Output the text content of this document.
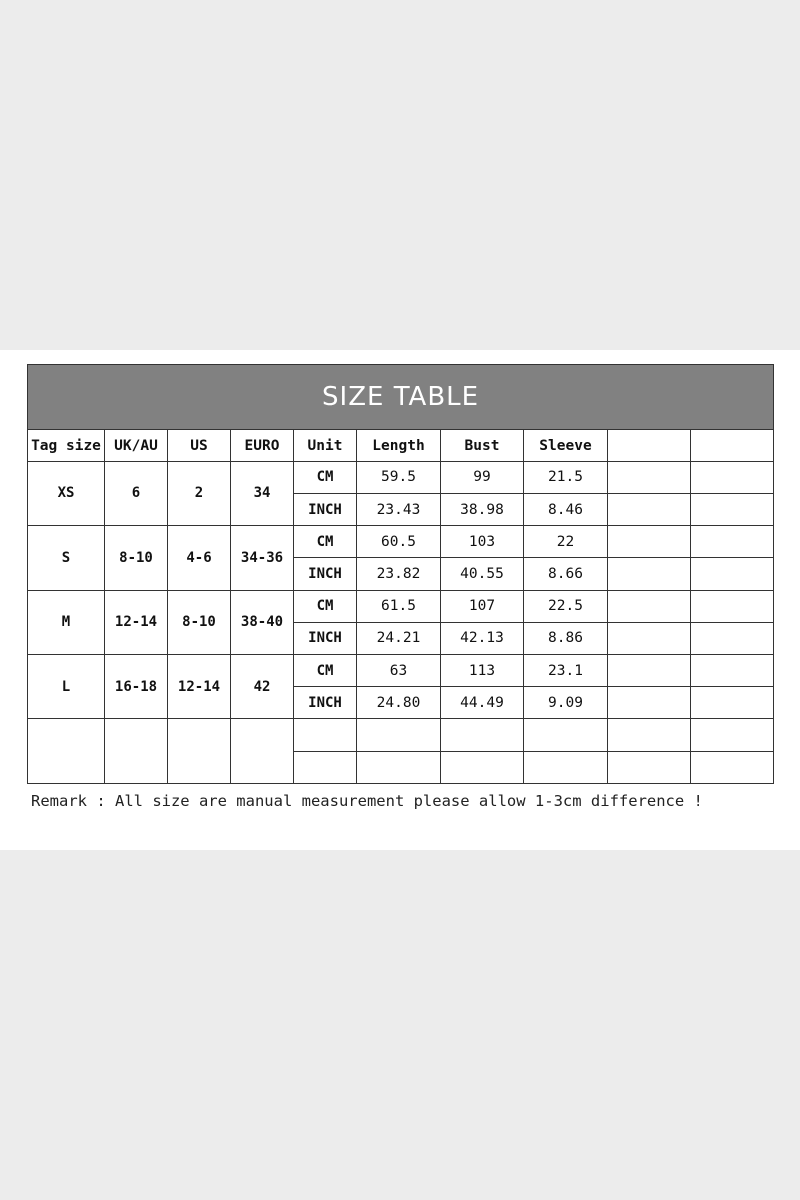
SIZE TABLE									
Tag size	UK/AU	US	EURO	Unit	Length	Bust	Sleeve		
XS	6	2	34	CM	59.5	99	21.5		
				INCH	23.43	38.98	8.46		
S	8-10	4-6	34-36	CM	60.5	103	22		
				INCH	23.82	40.55	8.66		
M	12-14	8-10	38-40	CM	61.5	107	22.5		
				INCH	24.21	42.13	8.86		
L	16-18	12-14	42	CM	63	113	23.1		
				INCH	24.80	44.49	9.09		

Remark : All size are manual measurement please allow 1-3cm difference !
